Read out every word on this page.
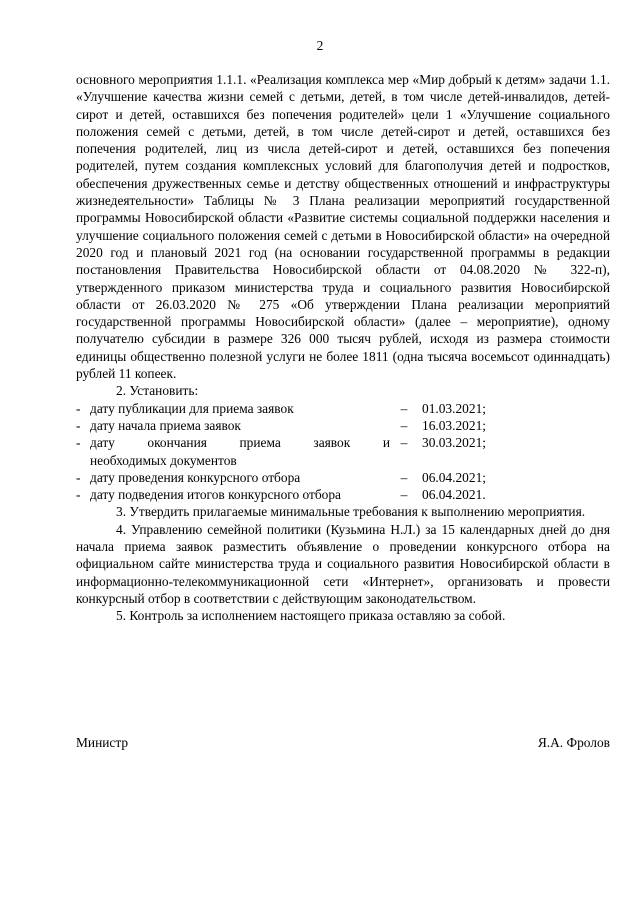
2

основного мероприятия 1.1.1. «Реализация комплекса мер «Мир добрый к детям» задачи 1.1. «Улучшение качества жизни семей с детьми, детей, в том числе детей-инвалидов, детей-сирот и детей, оставшихся без попечения родителей» цели 1 «Улучшение социального положения семей с детьми, детей, в том числе детей-сирот и детей, оставшихся без попечения родителей, лиц из числа детей-сирот и детей, оставшихся без попечения родителей, путем создания комплексных условий для благополучия детей и подростков, обеспечения дружественных семье и детству общественных отношений и инфраструктуры жизнедеятельности» Таблицы № 3 Плана реализации мероприятий государственной программы Новосибирской области «Развитие системы социальной поддержки населения и улучшение социального положения семей с детьми в Новосибирской области» на очередной 2020 год и плановый 2021 год (на основании государственной программы в редакции постановления Правительства Новосибирской области от 04.08.2020 № 322-п), утвержденного приказом министерства труда и социального развития Новосибирской области от 26.03.2020 № 275 «Об утверждении Плана реализации мероприятий государственной программы Новосибирской области» (далее – мероприятие), одному получателю субсидии в размере 326 000 тысяч рублей, исходя из размера стоимости единицы общественно полезной услуги не более 1811 (одна тысяча восемьсот одиннадцать) рублей 11 копеек.

2. Установить:

- дату публикации для приема заявок	–	01.03.2021;
- дату начала приема заявок	–	16.03.2021;
- дату окончания приема заявок и –	30.03.2021;
необходимых документов
- дату проведения конкурсного отбора	–	06.04.2021;
- дату подведения итогов конкурсного отбора	–	06.04.2021.

3. Утвердить прилагаемые минимальные требования к выполнению мероприятия.

4. Управлению семейной политики (Кузьмина Н.Л.) за 15 календарных дней до дня начала приема заявок разместить объявление о проведении конкурсного отбора на официальном сайте министерства труда и социального развития Новосибирской области в информационно-телекоммуникационной сети «Интернет», организовать и провести конкурсный отбор в соответствии с действующим законодательством.

5. Контроль за исполнением настоящего приказа оставляю за собой.

Министр	Я.А. Фролов
